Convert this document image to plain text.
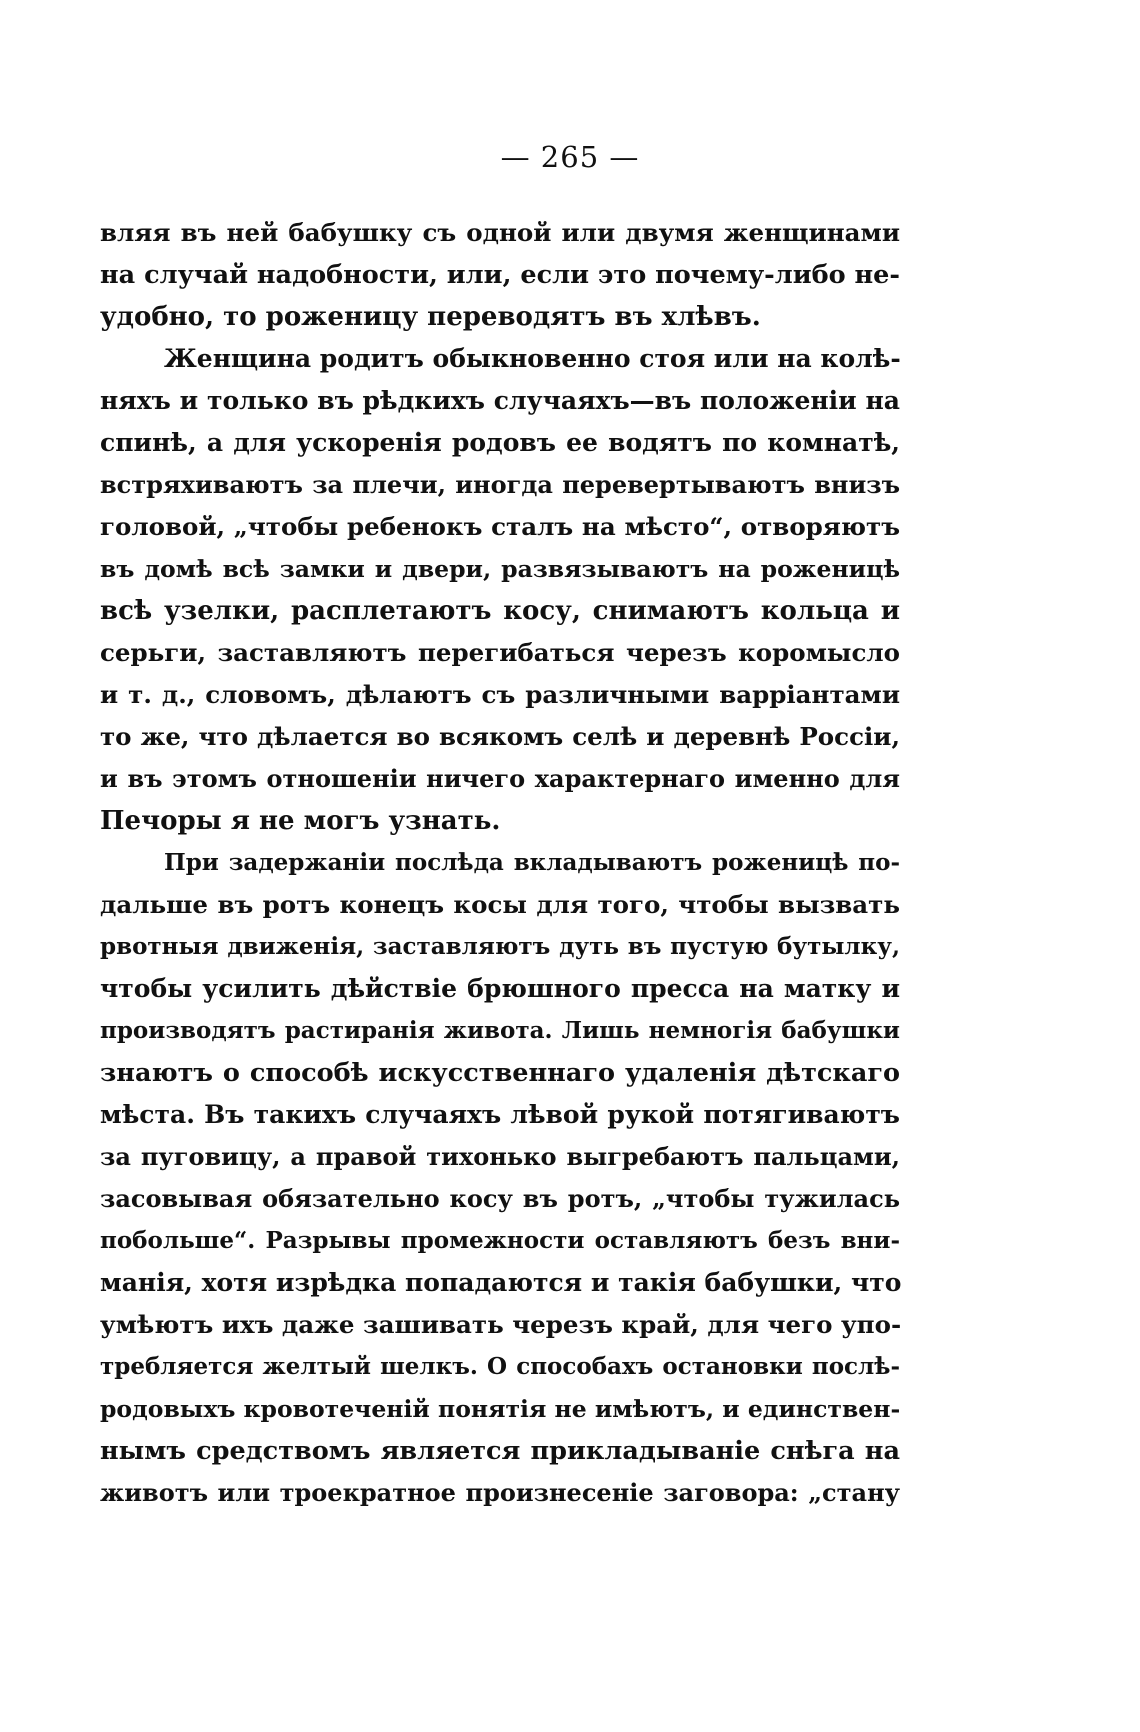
— 265 —
вляя въ ней бабушку съ одной или двумя женщинами
на случай надобности, или, если это почему-либо не-
удобно, то роженицу переводятъ въ хлѣвъ.
Женщина родитъ обыкновенно стоя или на колѣ-
няхъ и только въ рѣдкихъ случаяхъ—въ положеніи на
спинѣ, а для ускоренія родовъ ее водятъ по комнатѣ,
встряхиваютъ за плечи, иногда перевертываютъ внизъ
головой, „чтобы ребенокъ сталъ на мѣсто“, отворяютъ
въ домѣ всѣ замки и двери, развязываютъ на роженицѣ
всѣ узелки, расплетаютъ косу, снимаютъ кольца и
серьги, заставляютъ перегибаться черезъ коромысло
и т. д., словомъ, дѣлаютъ съ различными варріантами
то же, что дѣлается во всякомъ селѣ и деревнѣ Россіи,
и въ этомъ отношеніи ничего характернаго именно для
Печоры я не могъ узнать.
При задержаніи послѣда вкладываютъ роженицѣ по-
дальше въ ротъ конецъ косы для того, чтобы вызвать
рвотныя движенія, заставляютъ дуть въ пустую бутылку,
чтобы усилить дѣйствіе брюшного пресса на матку и
производятъ растиранія живота. Лишь немногія бабушки
знаютъ о способѣ искусственнаго удаленія дѣтскаго
мѣста. Въ такихъ случаяхъ лѣвой рукой потягиваютъ
за пуговицу, а правой тихонько выгребаютъ пальцами,
засовывая обязательно косу въ ротъ, „чтобы тужилась
побольше“. Разрывы промежности оставляютъ безъ вни-
манія, хотя изрѣдка попадаются и такія бабушки, что
умѣютъ ихъ даже зашивать черезъ край, для чего упо-
требляется желтый шелкъ. О способахъ остановки послѣ-
родовыхъ кровотеченій понятія не имѣютъ, и единствен-
нымъ средствомъ является прикладываніе снѣга на
животъ или троекратное произнесеніе заговора: „стану
